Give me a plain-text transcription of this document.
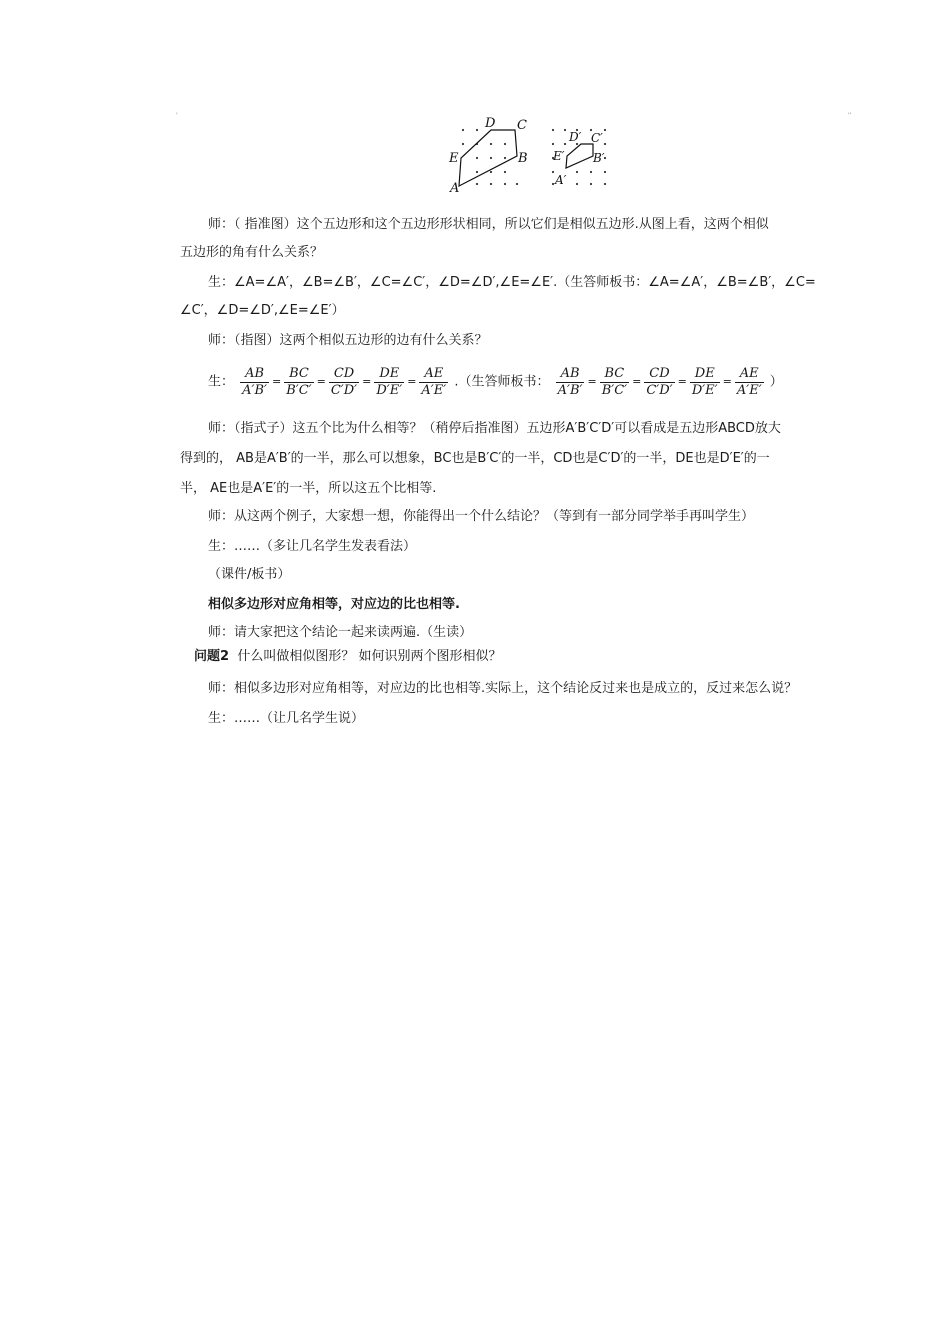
'	''
D C
E	B
A
D′ C′
E′ B′
A′
师：（ 指准图）这个五边形和这个五边形形状相同，所以它们是相似五边形.从图上看，这两个相似
五边形的角有什么关系？
生：∠A=∠A′，∠B=∠B′，∠C=∠C′，∠D=∠D′,∠E=∠E′.（生答师板书：∠A=∠A′，∠B=∠B′，∠C=
∠C′，∠D=∠D′,∠E=∠E′）
师：（指图）这两个相似五边形的边有什么关系？
生： $\frac{AB}{A'B'} = \frac{BC}{B'C'} = \frac{CD}{C'D'} = \frac{DE}{D'E'} = \frac{AE}{A'E'}$ .（生答师板书： $\frac{AB}{A'B'} = \frac{BC}{B'C'} = \frac{CD}{C'D'} = \frac{DE}{D'E'} = \frac{AE}{A'E'}$ ）
师：（指式子）这五个比为什么相等？（稍停后指准图）五边形A′B′C′D′可以看成是五边形ABCD放大
得到的， AB是A′B′的一半，那么可以想象，BC也是B′C′的一半，CD也是C′D′的一半，DE也是D′E′的一
半， AE也是A′E′的一半，所以这五个比相等.
师：从这两个例子，大家想一想，你能得出一个什么结论？（等到有一部分同学举手再叫学生）
生：……（多让几名学生发表看法）
（课件/板书）
相似多边形对应角相等，对应边的比也相等.
师：请大家把这个结论一起来读两遍.（生读）
问题2 什么叫做相似图形？ 如何识别两个图形相似？
师：相似多边形对应角相等，对应边的比也相等.实际上，这个结论反过来也是成立的，反过来怎么说？
生：……（让几名学生说）
